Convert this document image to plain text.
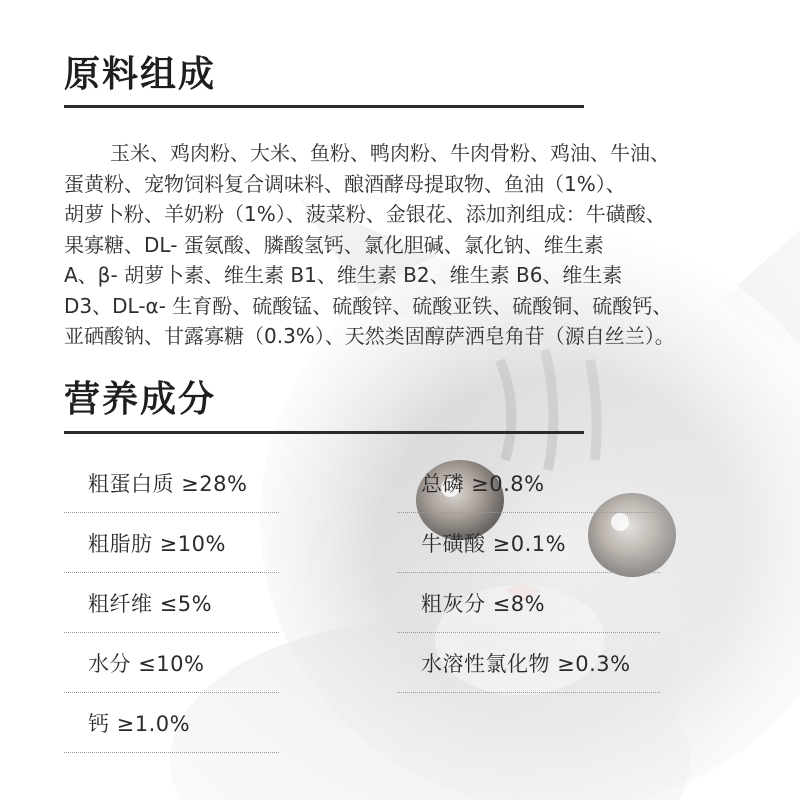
原料组成

玉米、鸡肉粉、大米、鱼粉、鸭肉粉、牛肉骨粉、鸡油、牛油、

蛋黄粉、宠物饲料复合调味料、酿酒酵母提取物、鱼油（1%）、

胡萝卜粉、羊奶粉（1%）、菠菜粉、金银花、添加剂组成：牛磺酸、

果寡糖、DL- 蛋氨酸、膦酸氢钙、氯化胆碱、氯化钠、维生素

A、β- 胡萝卜素、维生素 B1、维生素 B2、维生素 B6、维生素

D3、DL-α- 生育酚、硫酸锰、硫酸锌、硫酸亚铁、硫酸铜、硫酸钙、

亚硒酸钠、甘露寡糖（0.3%）、天然类固醇萨洒皂角苷（源自丝兰）。

营养成分
粗蛋白质 ≥28%
粗脂肪 ≥10%
粗纤维 ≤5%
水分 ≤10%
钙 ≥1.0%
总磷 ≥0.8%
牛磺酸 ≥0.1%
粗灰分 ≤8%
水溶性氯化物 ≥0.3%
